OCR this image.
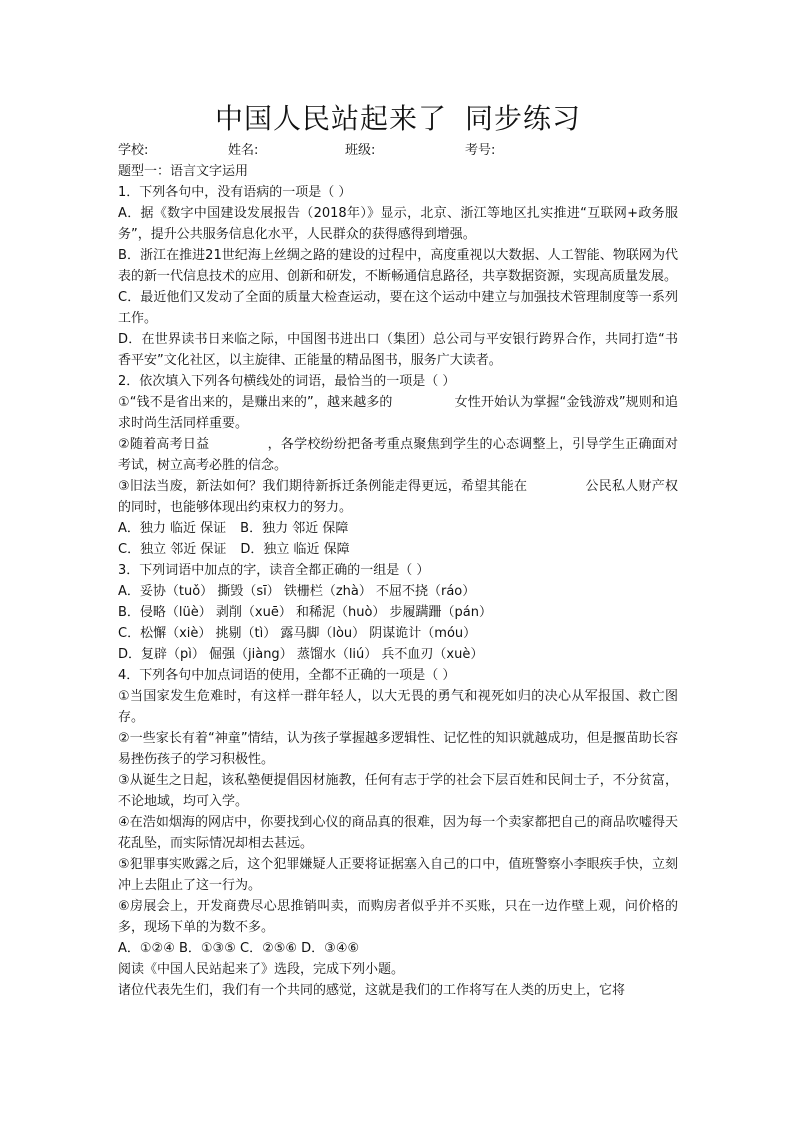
中国人民站起来了 同步练习
学校:	姓名:	班级:	考号:

题型一：语言文字运用

1．下列各句中，没有语病的一项是（ ）

A．据《数字中国建设发展报告（2018年）》显示，北京、浙江等地区扎实推进“互联网+政务服务”，提升公共服务信息化水平，人民群众的获得感得到增强。

B．浙江在推进21世纪海上丝绸之路的建设的过程中，高度重视以大数据、人工智能、物联网为代表的新一代信息技术的应用、创新和研发，不断畅通信息路径，共享数据资源，实现高质量发展。

C．最近他们又发动了全面的质量大检查运动，要在这个运动中建立与加强技术管理制度等一系列工作。

D．在世界读书日来临之际，中国图书进出口（集团）总公司与平安银行跨界合作，共同打造“书香平安”文化社区，以主旋律、正能量的精品图书，服务广大读者。

2．依次填入下列各句横线处的词语，最恰当的一项是（ ）

①“钱不是省出来的，是赚出来的”，越来越多的	女性开始认为掌握“金钱游戏”规则和追求时尚生活同样重要。

②随着高考日益	，各学校纷纷把备考重点聚焦到学生的心态调整上，引导学生正确面对考试，树立高考必胜的信念。

③旧法当废，新法如何？我们期待新拆迁条例能走得更远，希望其能在	公民私人财产权的同时，也能够体现出约束权力的努力。

A．独力 临近 保证 B．独力 邻近 保障

C．独立 邻近 保证 D．独立 临近 保障

3．下列词语中加点的字，读音全都正确的一组是（ ）

A．妥协（tuǒ） 撕毁（sī） 铁栅栏（zhà） 不屈不挠（ráo）

B．侵略（lüè） 剥削（xuē） 和稀泥（huò） 步履蹒跚（pán）

C．松懈（xiè） 挑剔（tì） 露马脚（lòu） 阴谋诡计（móu）

D．复辟（pì） 倔强（jiàng） 蒸馏水（liú） 兵不血刃（xuè）

4．下列各句中加点词语的使用，全都不正确的一项是（ ）

①当国家发生危难时，有这样一群年轻人，以大无畏的勇气和视死如归的决心从军报国、救亡图存。

②一些家长有着“神童”情结，认为孩子掌握越多逻辑性、记忆性的知识就越成功，但是揠苗助长容易挫伤孩子的学习积极性。

③从诞生之日起，该私塾便提倡因材施教，任何有志于学的社会下层百姓和民间士子，不分贫富，不论地域，均可入学。

④在浩如烟海的网店中，你要找到心仪的商品真的很难，因为每一个卖家都把自己的商品吹嘘得天花乱坠，而实际情况却相去甚远。

⑤犯罪事实败露之后，这个犯罪嫌疑人正要将证据塞入自己的口中，值班警察小李眼疾手快，立刻冲上去阻止了这一行为。

⑥房展会上，开发商费尽心思推销叫卖，而购房者似乎并不买账，只在一边作壁上观，问价格的多，现场下单的为数不多。

A．①②④ B．①③⑤ C．②⑤⑥ D．③④⑥

阅读《中国人民站起来了》选段，完成下列小题。

诸位代表先生们，我们有一个共同的感觉，这就是我们的工作将写在人类的历史上，它将
